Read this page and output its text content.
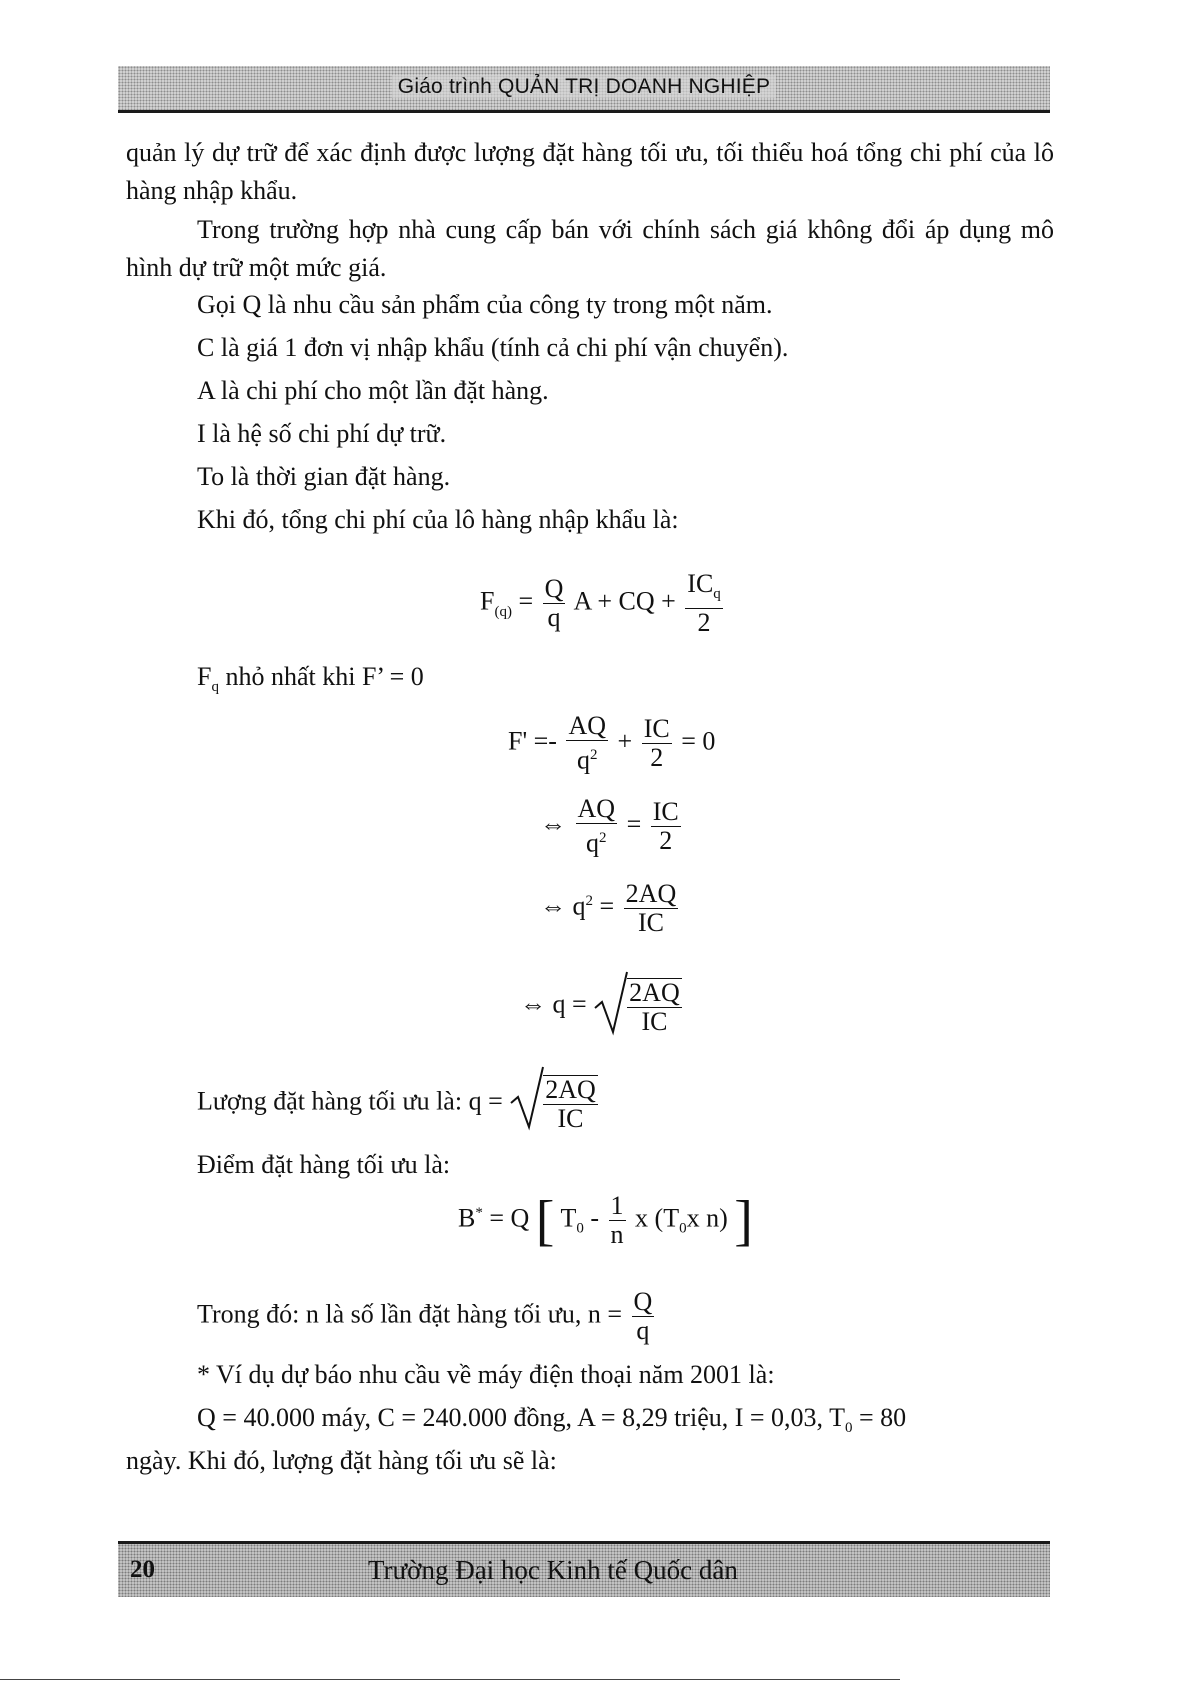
Giáo trình QUẢN TRỊ DOANH NGHIỆP
quản lý dự trữ để xác định được lượng đặt hàng tối ưu, tối thiểu hoá tổng chi phí của lô hàng nhập khẩu.
Trong trường hợp nhà cung cấp bán với chính sách giá không đổi áp dụng mô hình dự trữ một mức giá.
Gọi Q là nhu cầu sản phẩm của công ty trong một năm.
C là giá 1 đơn vị nhập khẩu (tính cả chi phí vận chuyển).
A là chi phí cho một lần đặt hàng.
I là hệ số chi phí dự trữ.
To là thời gian đặt hàng.
Khi đó, tổng chi phí của lô hàng nhập khẩu là:
$F_{(q)} = \frac{Q}{q}$ A + CQ + $\frac{IC_q}{2}$
$F_q$ nhỏ nhất khi F’ = 0
$F' =- \frac{AQ}{q^2} + \frac{IC}{2} = 0$
⇔ $\frac{AQ}{q^2} = \frac{IC}{2}$
⇔ $q^2 = \frac{2AQ}{IC}$
⇔ $q = \frac{2AQ}{IC}$
Lượng đặt hàng tối ưu là: $q = \frac{2AQ}{IC}$
Điểm đặt hàng tối ưu là:
B* = Q [ $T_0 - \frac{1}{n}$ x ($T_0x$ n) ]
Trong đó: n là số lần đặt hàng tối ưu, $n = \frac{Q}{q}$
* Ví dụ dự báo nhu cầu về máy điện thoại năm 2001 là:
Q = 40.000 máy, C = 240.000 đồng, A = 8,29 triệu, I = 0,03, $T_0 = 80$
ngày. Khi đó, lượng đặt hàng tối ưu sẽ là:
20	Trường Đại học Kinh tế Quốc dân
